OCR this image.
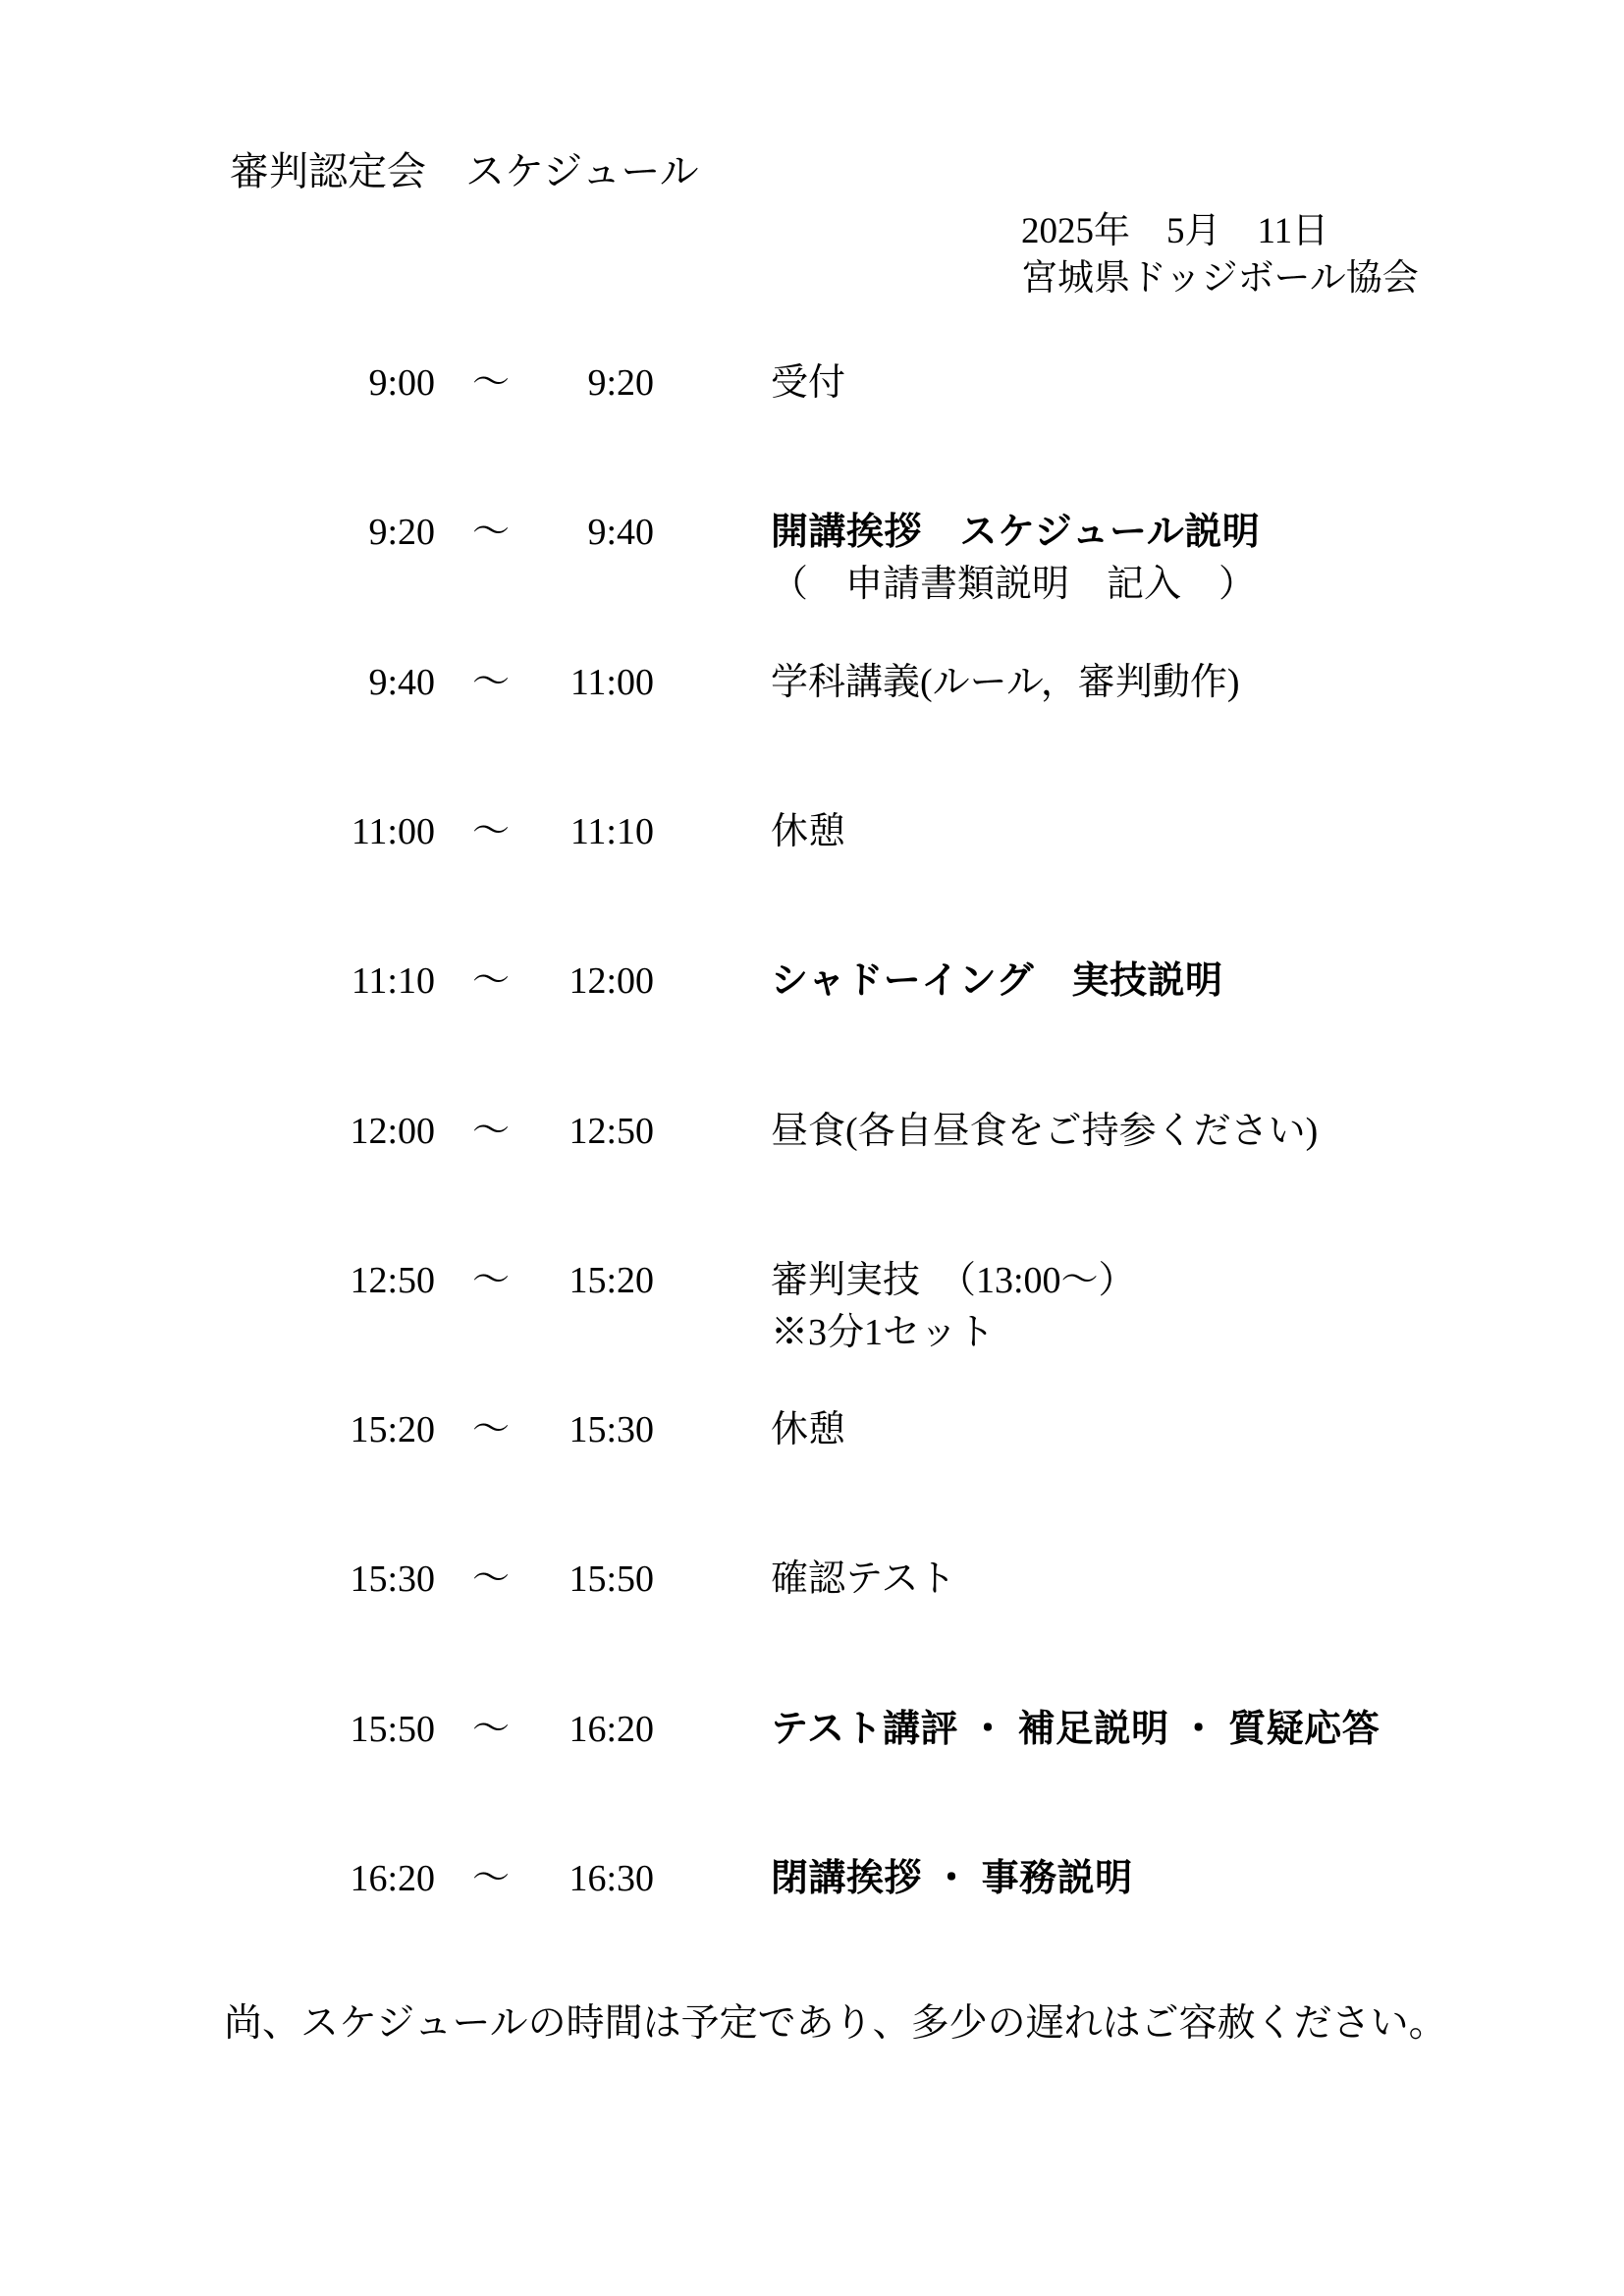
審判認定会　スケジュール
2025年　5月　11日
宮城県ドッジボール協会
9:00 ～	9:20	受付
9:20 ～	9:40	開講挨拶　スケジュール説明
（　申請書類説明　記入　）
9:40 ～	11:00	学科講義(ルール，審判動作)
11:00 ～	11:10	休憩
11:10 ～	12:00	シャドーイング　実技説明
12:00 ～	12:50	昼食(各自昼食をご持参ください)
12:50 ～	15:20	審判実技　（13:00～）
※3分1セット
15:20 ～	15:30	休憩
15:30 ～	15:50	確認テスト
15:50 ～	16:20	テスト講評 ・ 補足説明 ・ 質疑応答
16:20 ～	16:30	閉講挨拶 ・ 事務説明
尚、スケジュールの時間は予定であり、多少の遅れはご容赦ください。
